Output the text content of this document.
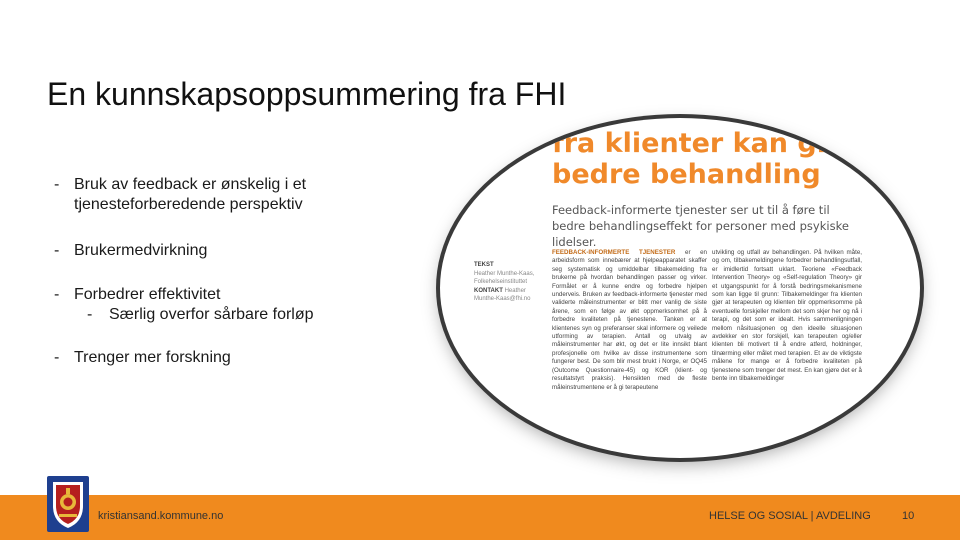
En kunnskapsoppsummering fra FHI
- Bruk av feedback er ønskelig i et
tjenesteforberedende perspektiv
- Brukermedvirkning
- Forbedrer effektivitet
- Særlig overfor sårbare forløp
- Trenger mer forskning
fra klienter kan gi
bedre behandling
Feedback-informerte tjenester ser ut til å føre til bedre behandlingseffekt for personer med psykiske lidelser.
TEKST
Heather Munthe-Kaas, Folkehelseinstituttet
KONTAKT Heather Munthe-Kaas@fhi.no
FEEDBACK-INFORMERTE TJENESTER er en arbeidsform som innebærer at hjelpeapparatet skaffer seg systematisk og umiddelbar tilbakemelding fra brukerne på hvordan behandlingen passer og virker. Formålet er å kunne endre og forbedre hjelpen underveis. Bruken av feedback-informerte tjenester med validerte måleinstrumenter er blitt mer vanlig de siste årene, som en følge av økt oppmerksomhet på å forbedre kvaliteten på tjenestene. Tanken er at klientenes syn og preferanser skal informere og veilede utforming av terapien. Antall og utvalg av måleinstrumenter har økt, og det er lite innsikt blant profesjonelle om hvilke av disse instrumentene som fungerer best. De som blir mest brukt i Norge, er OQ45 (Outcome Questionnaire-45) og KOR (klient- og resultatstyrt praksis). Hensikten med de fleste måleinstrumentene er å gi terapeutene
utvikling og utfall av behandlingen. På hvilken måte, og om, tilbakemeldingene forbedrer behandlingsutfall, er imidlertid fortsatt uklart. Teoriene «Feedback Intervention Theory» og «Self-regulation Theory» gir et utgangspunkt for å forstå bedringsmekanismene som kan ligge til grunn: Tilbakemeldinger fra klienten gjør at terapeuten og klienten blir oppmerksomme på eventuelle forskjeller mellom det som skjer her og nå i terapi, og det som er idealt. Hvis sammenligningen mellom nåsituasjonen og den ideelle situasjonen avdekker en stor forskjell, kan terapeuten og/eller klienten bli motivert til å endre atferd, holdninger, tilnærming eller målet med terapien. Et av de viktigste målene for mange er å forbedre kvaliteten på tjenestene som trenger det mest. En kan gjøre det er å bente inn tilbakemeldinger
kristiansand.kommune.no	HELSE OG SOSIAL | AVDELING	10
